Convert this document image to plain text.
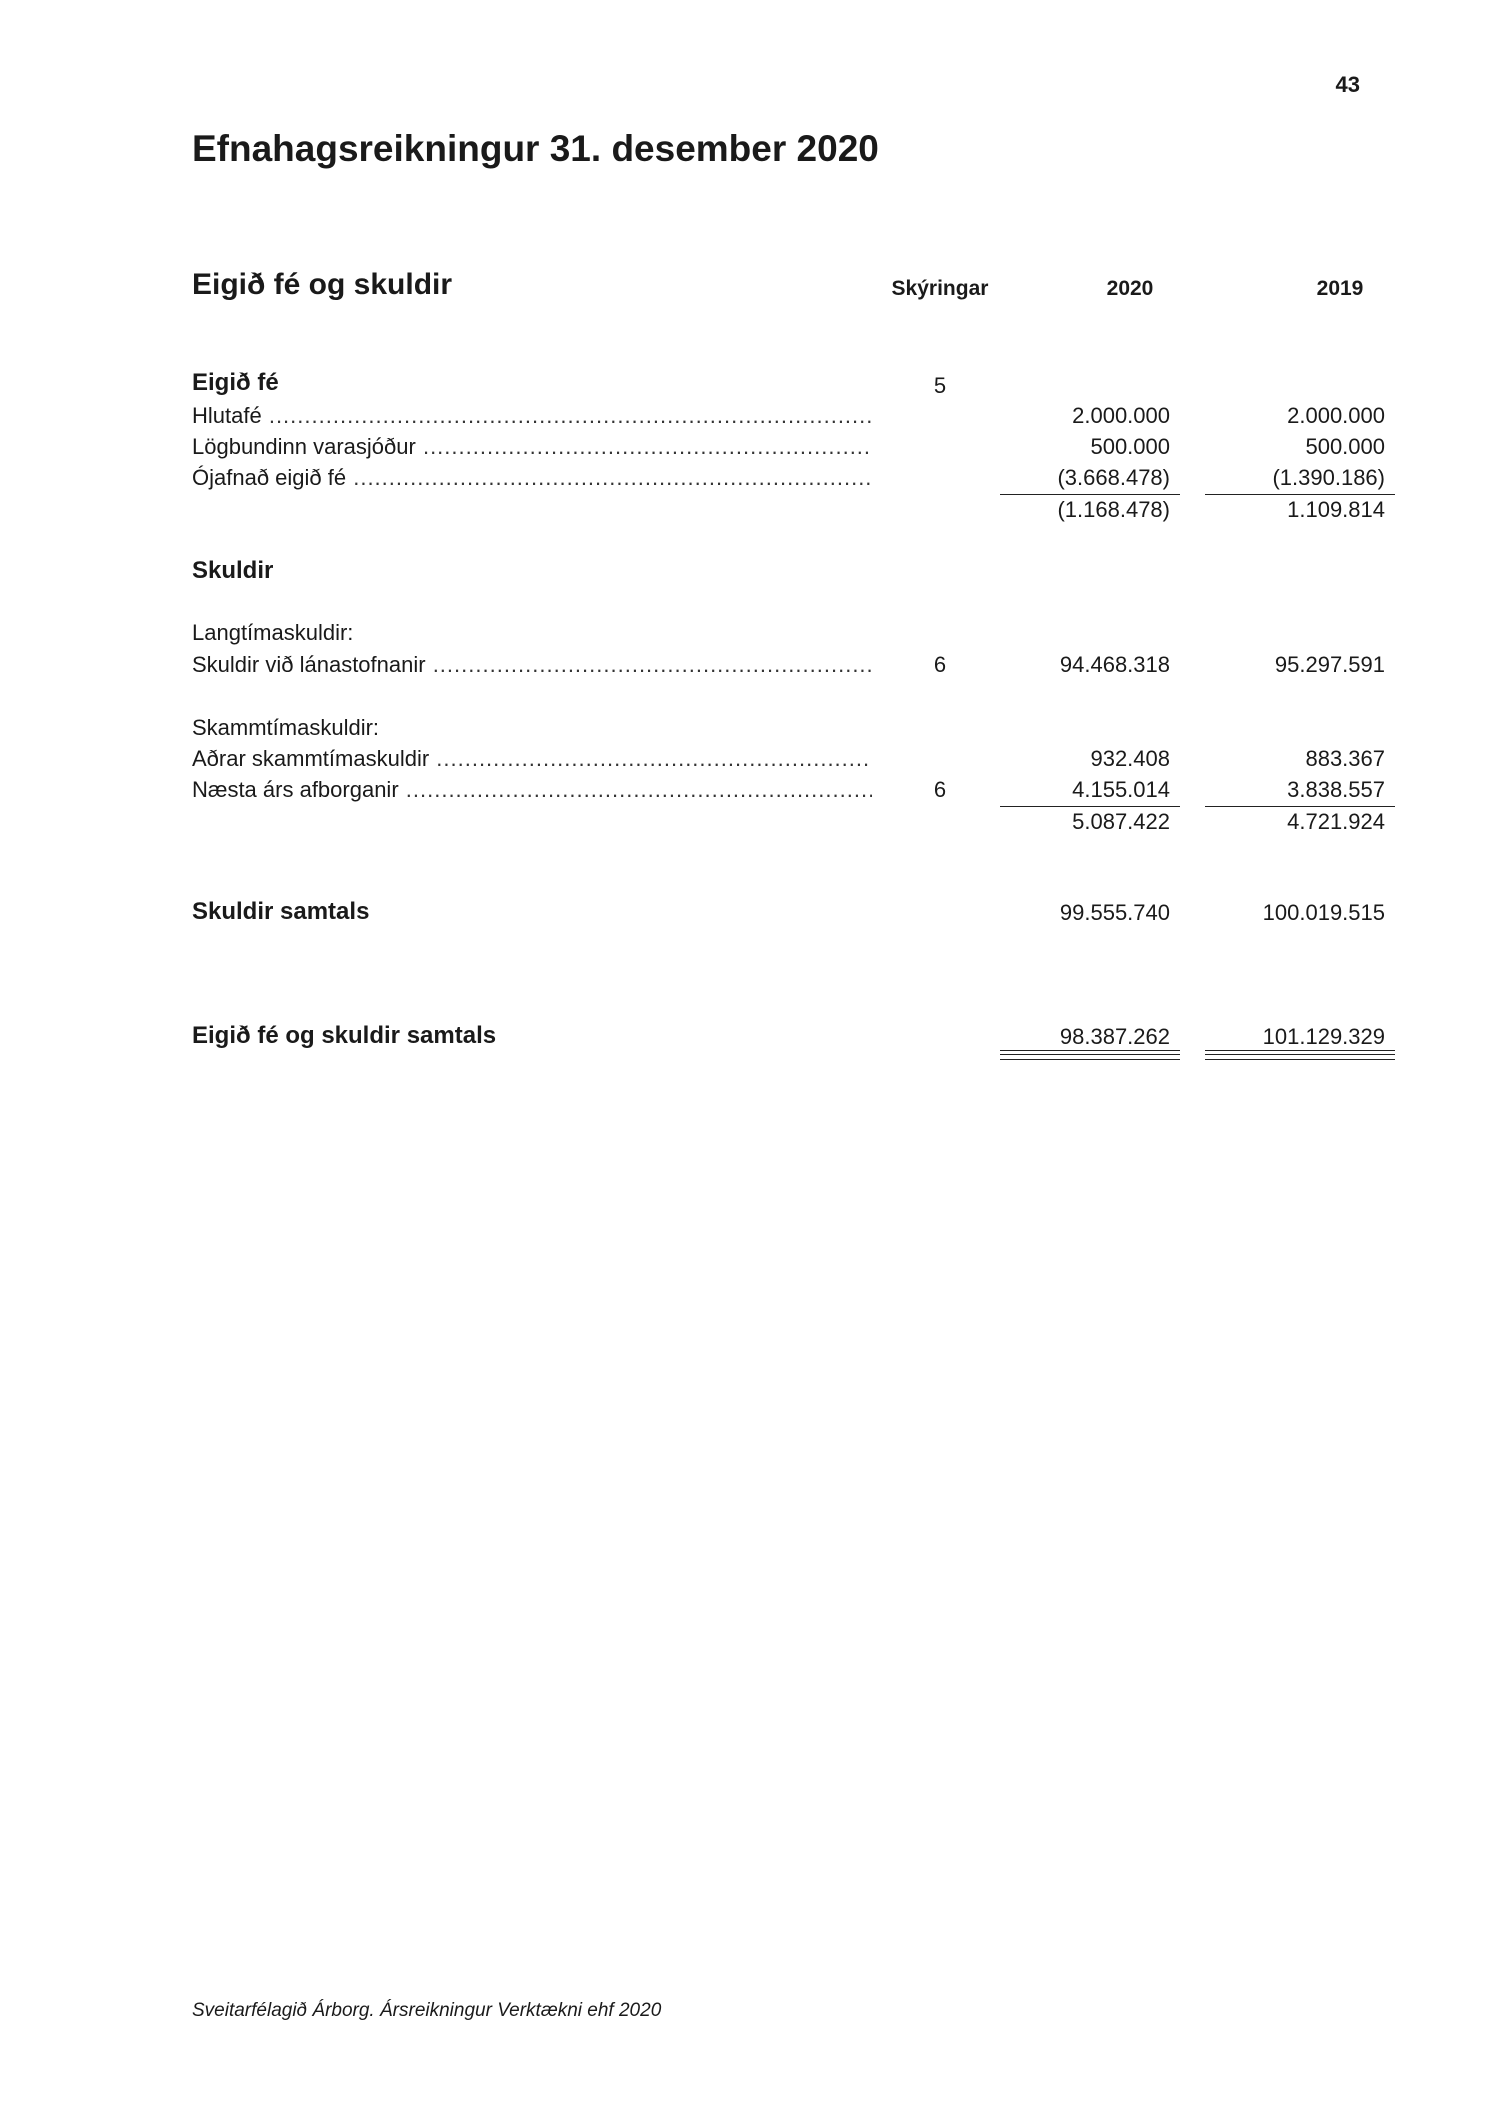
43
Efnahagsreikningur 31. desember 2020
Eigið fé og skuldir	Skýringar	2020	2019
Eigið fé	5
Hlutafé .....	2.000.000	2.000.000
Lögbundinn varasjóður .....	500.000	500.000
Ójafnað eigið fé .....	(3.668.478)	(1.390.186)
(1.168.478)	1.109.814
Skuldir
Langtímaskuldir:
Skuldir við lánastofnanir .....	6	94.468.318	95.297.591
Skammtímaskuldir:
Aðrar skammtímaskuldir .....	932.408	883.367
Næsta árs afborganir .....	6	4.155.014	3.838.557
5.087.422	4.721.924
Skuldir samtals	99.555.740	100.019.515
Eigið fé og skuldir samtals	98.387.262	101.129.329
Sveitarfélagið Árborg. Ársreikningur Verktækni ehf 2020
